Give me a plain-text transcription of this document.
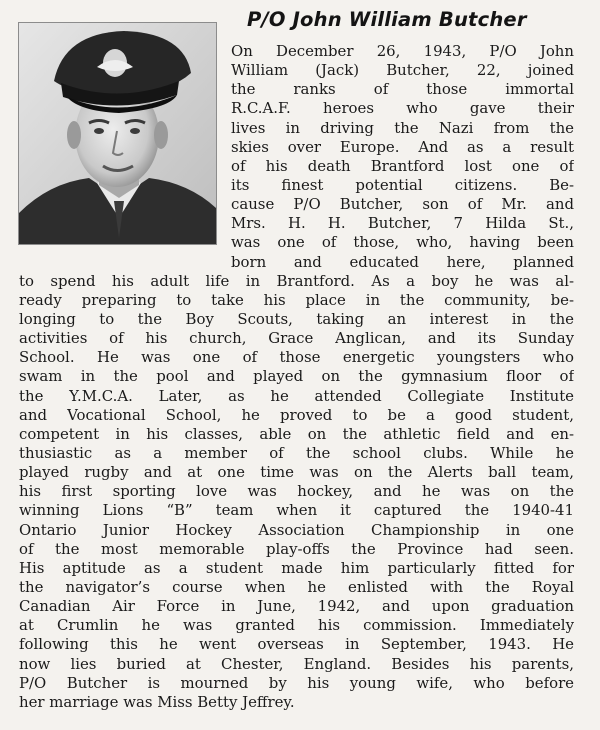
P/O John William Butcher
On December 26, 1943, P/O John
William (Jack) Butcher, 22, joined
the ranks of those immortal
R.C.A.F. heroes who gave their
lives in driving the Nazi from the
skies over Europe. And as a result
of his death Brantford lost one of
its finest potential citizens. Be-
cause P/O Butcher, son of Mr. and
Mrs. H. H. Butcher, 7 Hilda St.,
was one of those, who, having been
born and educated here, planned
to spend his adult life in Brantford. As a boy he was al-
ready preparing to take his place in the community, be-
longing to the Boy Scouts, taking an interest in the
activities of his church, Grace Anglican, and its Sunday
School. He was one of those energetic youngsters who
swam in the pool and played on the gymnasium floor of
the Y.M.C.A. Later, as he attended Collegiate Institute
and Vocational School, he proved to be a good student,
competent in his classes, able on the athletic field and en-
thusiastic as a member of the school clubs. While he
played rugby and at one time was on the Alerts ball team,
his first sporting love was hockey, and he was on the
winning Lions “B” team when it captured the 1940-41
Ontario Junior Hockey Association Championship in one
of the most memorable play-offs the Province had seen.
His aptitude as a student made him particularly fitted for
the navigator’s course when he enlisted with the Royal
Canadian Air Force in June, 1942, and upon graduation
at Crumlin he was granted his commission. Immediately
following this he went overseas in September, 1943. He
now lies buried at Chester, England. Besides his parents,
P/O Butcher is mourned by his young wife, who before
her marriage was Miss Betty Jeffrey.
